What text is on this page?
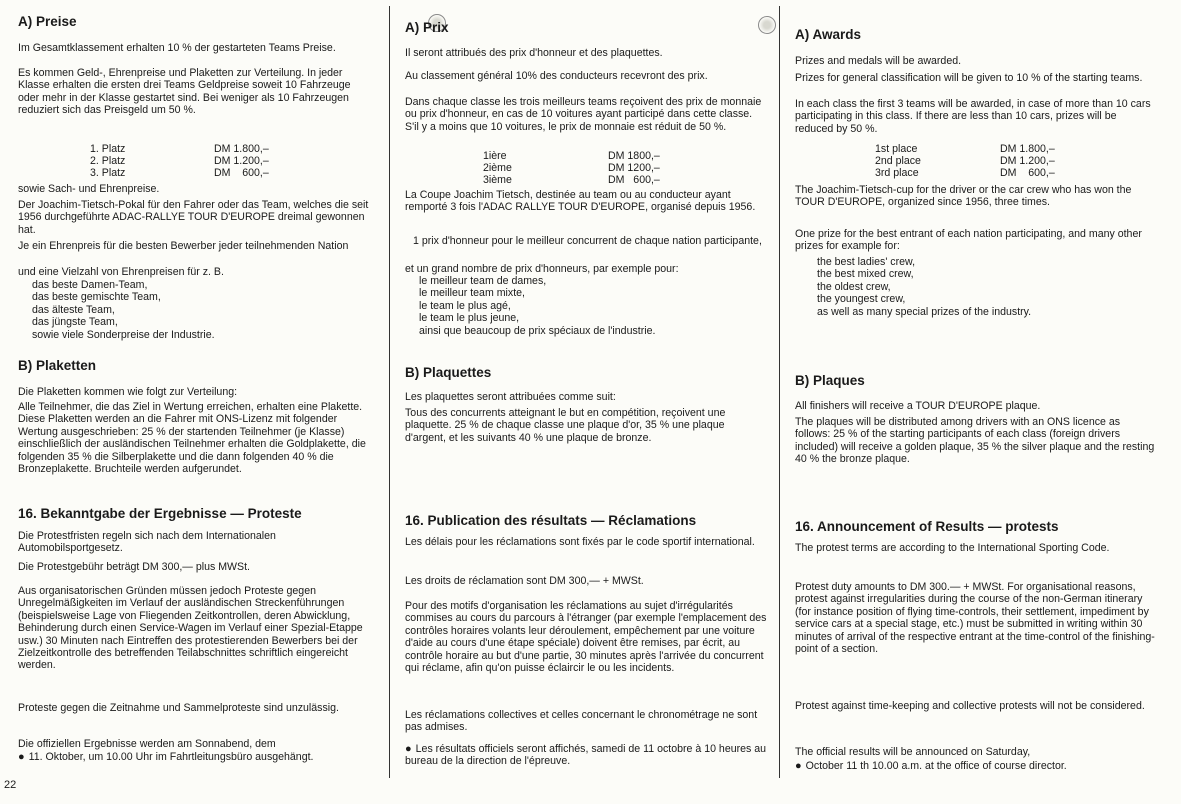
A) Preise

Im Gesamtklassement erhalten 10 % der gestarteten Teams Preise.

Es kommen Geld-, Ehrenpreise und Plaketten zur Verteilung. In jeder Klasse erhalten die ersten drei Teams Geldpreise soweit 10 Fahrzeuge oder mehr in der Klasse gestartet sind. Bei weniger als 10 Fahrzeugen reduziert sich das Preisgeld um 50 %.

1. Platz	DM 1.800,–
2. Platz	DM 1.200,–
3. Platz	DM    600,–

sowie Sach- und Ehrenpreise.

Der Joachim-Tietsch-Pokal für den Fahrer oder das Team, welches die seit 1956 durchgeführte ADAC-RALLYE TOUR D'EUROPE dreimal gewonnen hat.

Je ein Ehrenpreis für die besten Bewerber jeder teilnehmenden Nation

und eine Vielzahl von Ehrenpreisen für z. B.

das beste Damen-Team,
das beste gemischte Team,
das älteste Team,
das jüngste Team,
sowie viele Sonderpreise der Industrie.
B) Plaketten

Die Plaketten kommen wie folgt zur Verteilung:

Alle Teilnehmer, die das Ziel in Wertung erreichen, erhalten eine Plakette. Diese Plaketten werden an die Fahrer mit ONS-Lizenz mit folgender Wertung ausgeschrieben: 25 % der startenden Teilnehmer (je Klasse) einschließlich der ausländischen Teilnehmer erhalten die Goldplakette, die folgenden 35 % die Silberplakette und die dann folgenden 40 % die Bronzeplakette. Bruchteile werden aufgerundet.

16. Bekanntgabe der Ergebnisse — Proteste

Die Protestfristen regeln sich nach dem Internationalen Automobilsportgesetz.

Die Protestgebühr beträgt DM 300,— plus MWSt.

Aus organisatorischen Gründen müssen jedoch Proteste gegen Unregelmäßigkeiten im Verlauf der ausländischen Streckenführungen (beispielsweise Lage von Fliegenden Zeitkontrollen, deren Abwicklung, Behinderung durch einen Service-Wagen im Verlauf einer Spezial-Etappe usw.) 30 Minuten nach Eintreffen des protestierenden Bewerbers bei der Zielzeitkontrolle des betreffenden Teilabschnittes schriftlich eingereicht werden.

Proteste gegen die Zeitnahme und Sammelproteste sind unzulässig.

Die offiziellen Ergebnisse werden am Sonnabend, dem

● 11. Oktober, um 10.00 Uhr im Fahrtleitungsbüro ausgehängt.

A) Prix

Il seront attribués des prix d'honneur et des plaquettes.

Au classement général 10% des conducteurs recevront des prix.

Dans chaque classe les trois meilleurs teams reçoivent des prix de monnaie ou prix d'honneur, en cas de 10 voitures ayant participé dans cette classe. S'il y a moins que 10 voitures, le prix de monnaie est réduit de 50 %.

1ière	DM 1800,–
2ième	DM 1200,–
3ième	DM   600,–

La Coupe Joachim Tietsch, destinée au team ou au conducteur ayant remporté 3 fois l'ADAC RALLYE TOUR D'EUROPE, organisé depuis 1956.

1 prix d'honneur pour le meilleur concurrent de chaque nation participante,

et un grand nombre de prix d'honneurs, par exemple pour:

le meilleur team de dames,
le meilleur team mixte,
le team le plus agé,
le team le plus jeune,
ainsi que beaucoup de prix spéciaux de l'industrie.
B) Plaquettes

Les plaquettes seront attribuées comme suit:

Tous des concurrents atteignant le but en compétition, reçoivent une plaquette. 25 % de chaque classe une plaque d'or, 35 % une plaque d'argent, et les suivants 40 % une plaque de bronze.

16. Publication des résultats — Réclamations

Les délais pour les réclamations sont fixés par le code sportif international.

Les droits de réclamation sont DM 300,— + MWSt.

Pour des motifs d'organisation les réclamations au sujet d'irrégularités commises au cours du parcours à l'étranger (par exemple l'emplacement des contrôles horaires volants leur déroulement, empêchement par une voiture d'aide au cours d'une étape spéciale) doivent être remises, par écrit, au contrôle horaire au but d'une partie, 30 minutes après l'arrivée du concurrent qui réclame, afin qu'on puisse éclaircir le ou les incidents.

Les réclamations collectives et celles concernant le chronométrage ne sont pas admises.

● Les résultats officiels seront affichés, samedi de 11 octobre à 10 heures au bureau de la direction de l'épreuve.

A) Awards

Prizes and medals will be awarded.

Prizes for general classification will be given to 10 % of the starting teams.

In each class the first 3 teams will be awarded, in case of more than 10 cars participating in this class. If there are less than 10 cars, prizes will be reduced by 50 %.

1st place	DM 1.800,–
2nd place	DM 1.200,–
3rd place	DM    600,–

The Joachim-Tietsch-cup for the driver or the car crew who has won the TOUR D'EUROPE, organized since 1956, three times.

One prize for the best entrant of each nation participating, and many other prizes for example for:

the best ladies' crew,
the best mixed crew,
the oldest crew,
the youngest crew,
as well as many special prizes of the industry.
B) Plaques

All finishers will receive a TOUR D'EUROPE plaque.

The plaques will be distributed among drivers with an ONS licence as follows: 25 % of the starting participants of each class (foreign drivers included) will receive a golden plaque, 35 % the silver plaque and the resting 40 % the bronze plaque.

16. Announcement of Results — protests

The protest terms are according to the International Sporting Code.

Protest duty amounts to DM 300.— + MWSt. For organisational reasons, protest against irregularities during the course of the non-German itinerary (for instance position of flying time-controls, their settlement, impediment by service cars at a special stage, etc.) must be submitted in writing within 30 minutes of arrival of the respective entrant at the time-control of the finishing-point of a section.

Protest against time-keeping and collective protests will not be considered.

The official results will be announced on Saturday,

● October 11 th 10.00 a.m. at the office of course director.

22
